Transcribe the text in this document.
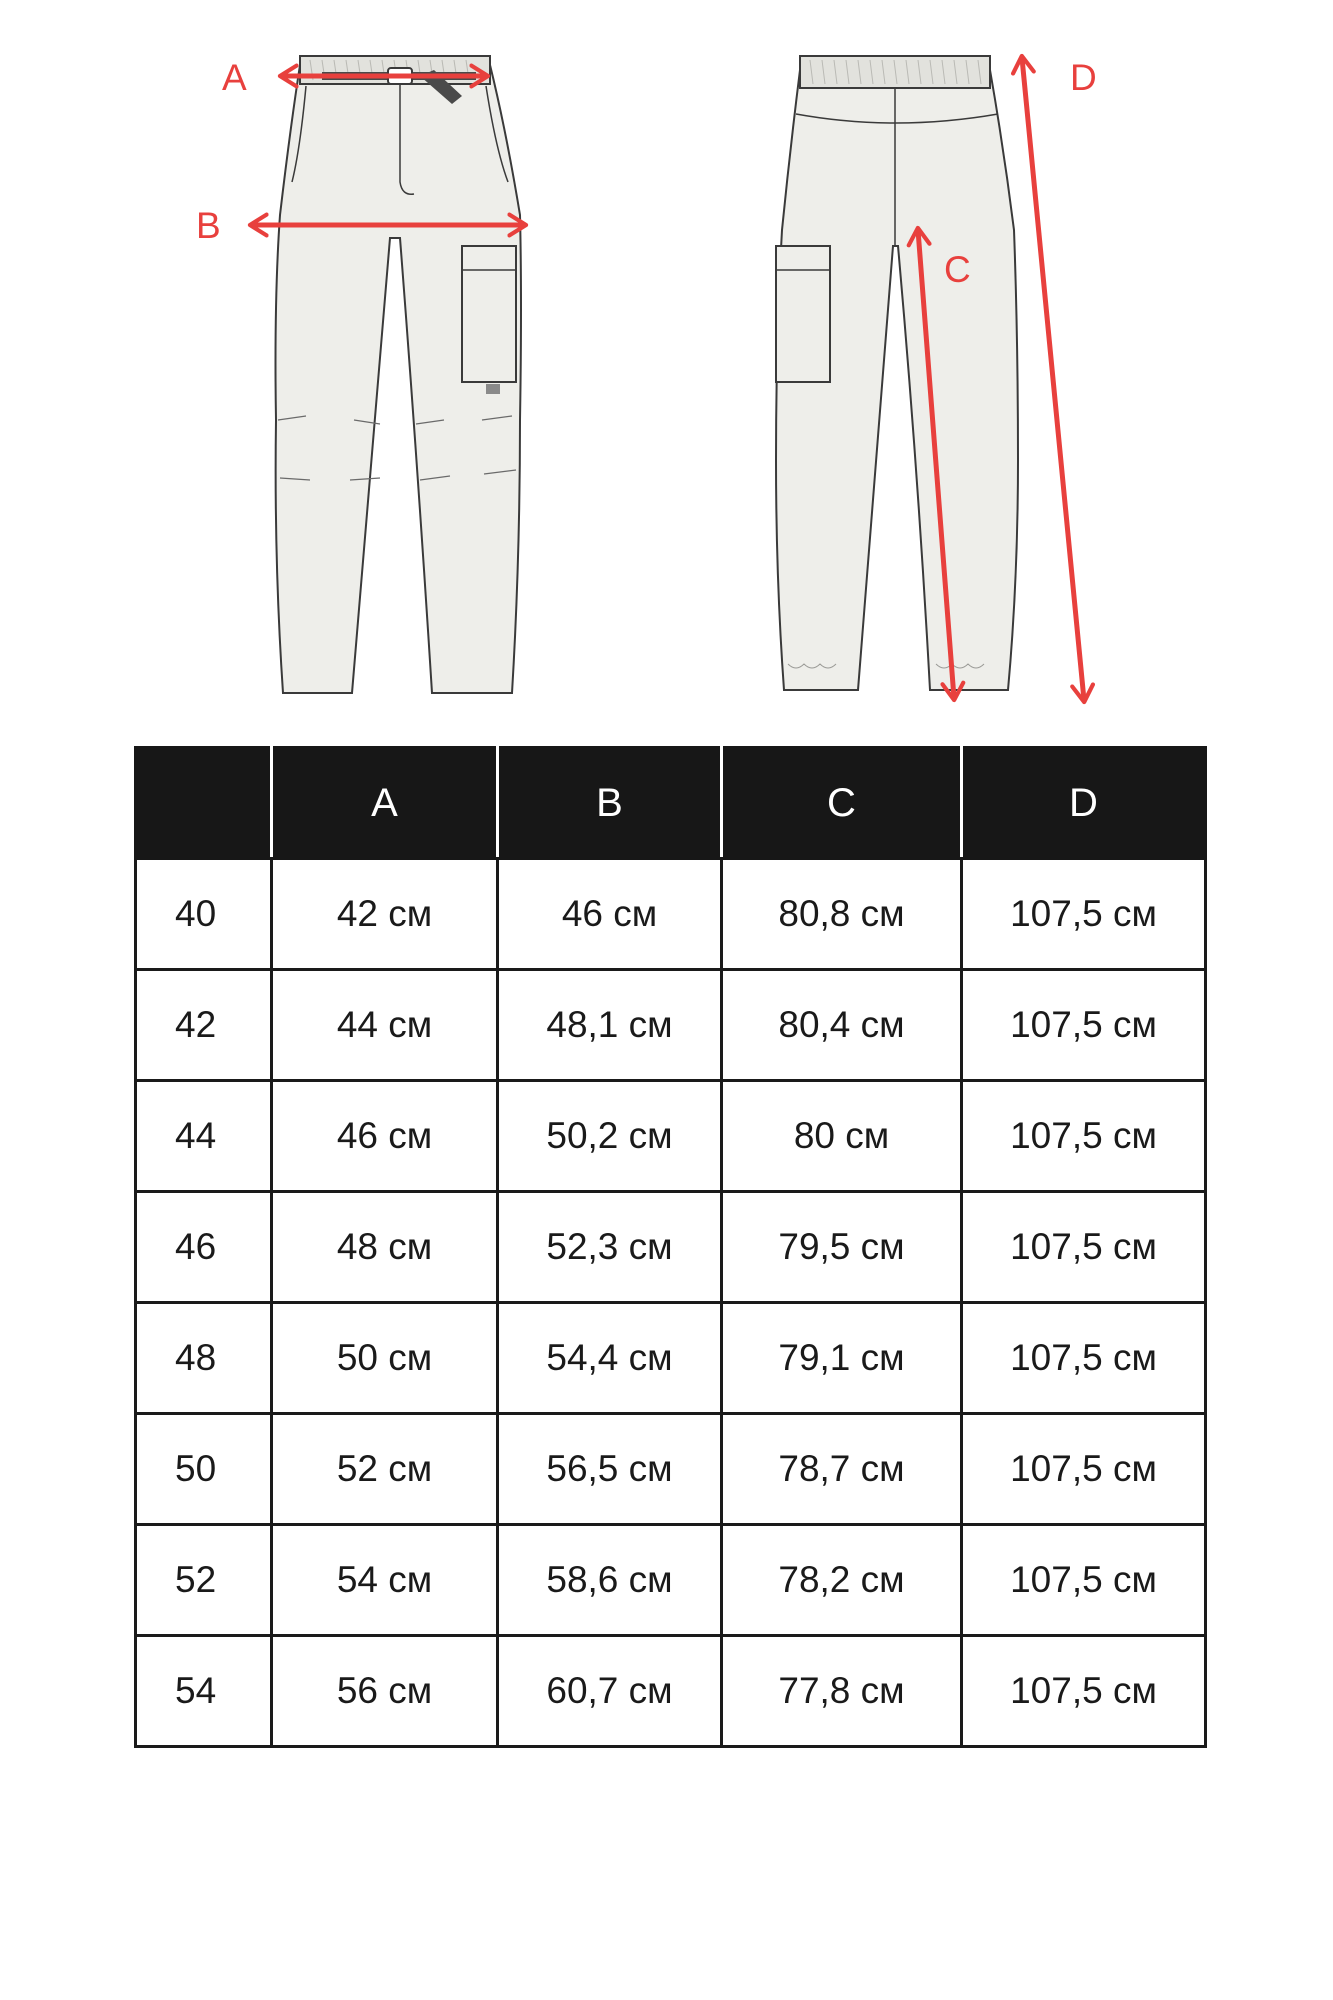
A
B
C
D
	A	B	C	D
40	42 см	46 см	80,8 см	107,5 см
42	44 см	48,1 см	80,4 см	107,5 см
44	46 см	50,2 см	80 см	107,5 см
46	48 см	52,3 см	79,5 см	107,5 см
48	50 см	54,4 см	79,1 см	107,5 см
50	52 см	56,5 см	78,7 см	107,5 см
52	54 см	58,6 см	78,2 см	107,5 см
54	56 см	60,7 см	77,8 см	107,5 см
